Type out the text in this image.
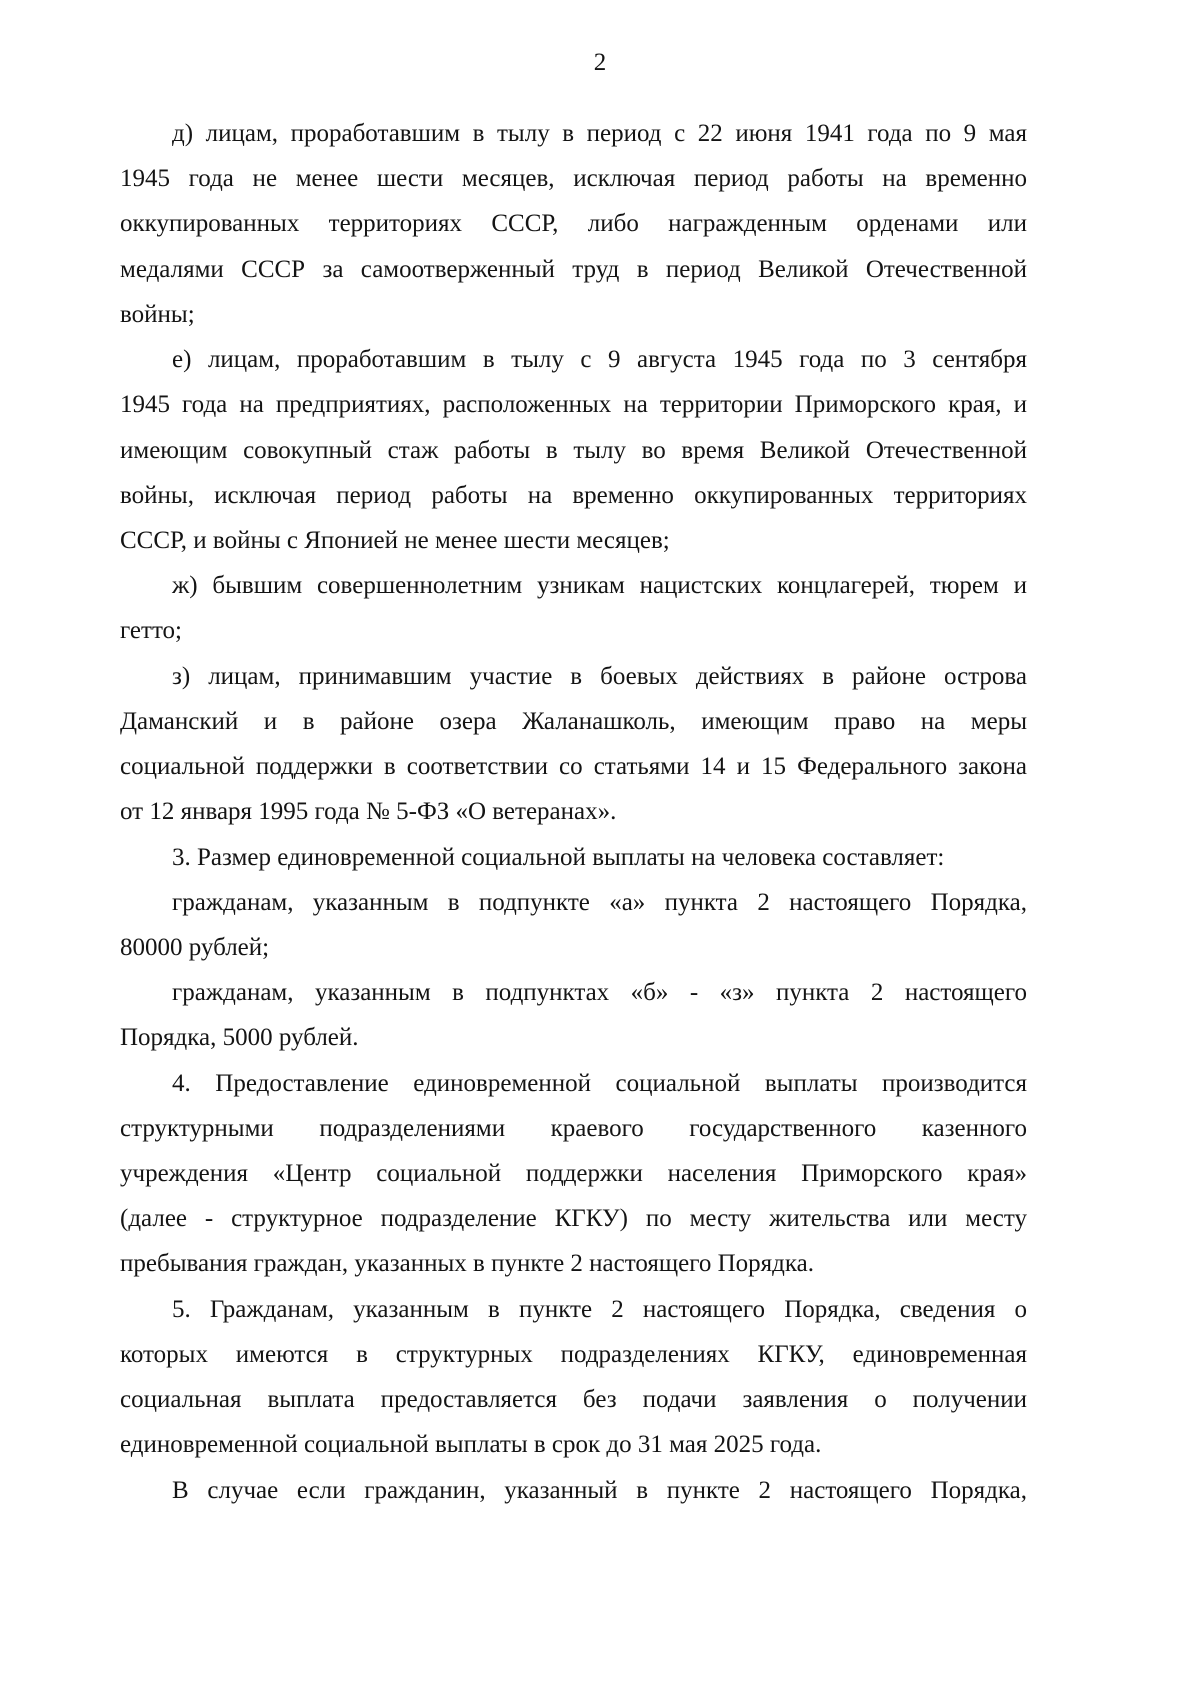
2
д) лицам, проработавшим в тылу в период с 22 июня 1941 года по 9 мая
1945 года не менее шести месяцев, исключая период работы на временно
оккупированных территориях СССР, либо награжденным орденами или
медалями СССР за самоотверженный труд в период Великой Отечественной
войны;
е) лицам, проработавшим в тылу с 9 августа 1945 года по 3 сентября
1945 года на предприятиях, расположенных на территории Приморского края, и
имеющим совокупный стаж работы в тылу во время Великой Отечественной
войны, исключая период работы на временно оккупированных территориях
СССР, и войны с Японией не менее шести месяцев;
ж) бывшим совершеннолетним узникам нацистских концлагерей, тюрем и
гетто;
з) лицам, принимавшим участие в боевых действиях в районе острова
Даманский и в районе озера Жаланашколь, имеющим право на меры
социальной поддержки в соответствии со статьями 14 и 15 Федерального закона
от 12 января 1995 года № 5-ФЗ «О ветеранах».
3. Размер единовременной социальной выплаты на человека составляет:
гражданам, указанным в подпункте «а» пункта 2 настоящего Порядка,
80000 рублей;
гражданам, указанным в подпунктах «б» - «з» пункта 2 настоящего
Порядка, 5000 рублей.
4. Предоставление единовременной социальной выплаты производится
структурными подразделениями краевого государственного казенного
учреждения «Центр социальной поддержки населения Приморского края»
(далее - структурное подразделение КГКУ) по месту жительства или месту
пребывания граждан, указанных в пункте 2 настоящего Порядка.
5. Гражданам, указанным в пункте 2 настоящего Порядка, сведения о
которых имеются в структурных подразделениях КГКУ, единовременная
социальная выплата предоставляется без подачи заявления о получении
единовременной социальной выплаты в срок до 31 мая 2025 года.
В случае если гражданин, указанный в пункте 2 настоящего Порядка,
